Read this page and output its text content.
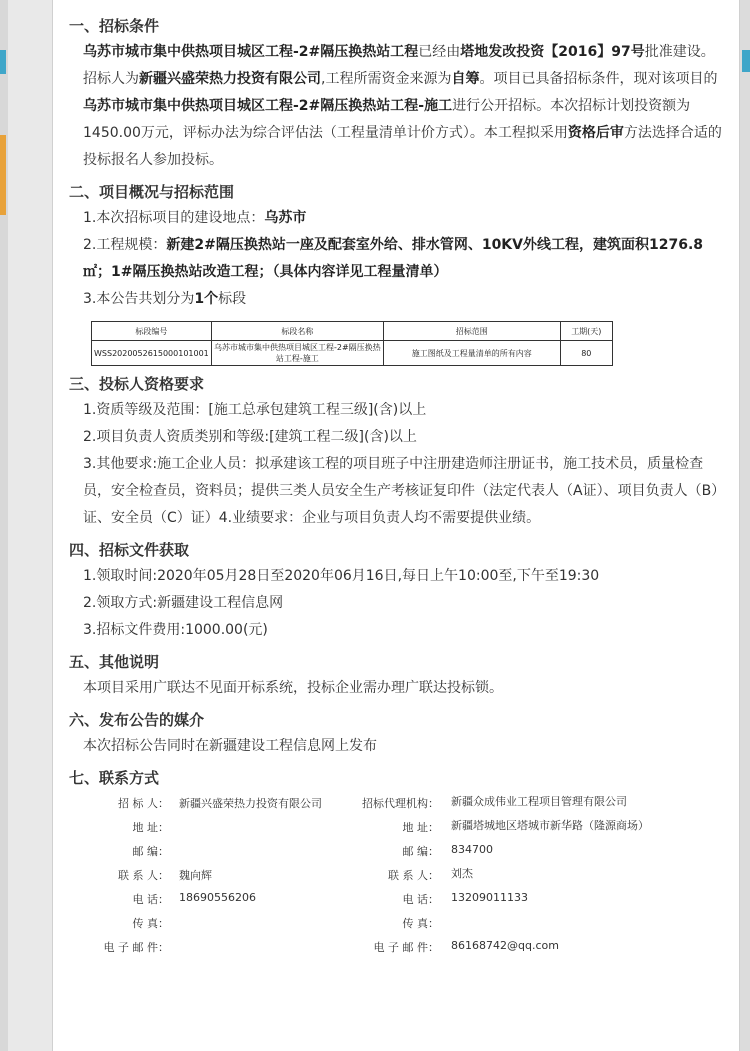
一、招标条件

乌苏市城市集中供热项目城区工程-2#隔压换热站工程已经由塔地发改投资【2016】97号批准建设。招标人为新疆兴盛荣热力投资有限公司,工程所需资金来源为自筹。项目已具备招标条件，现对该项目的乌苏市城市集中供热项目城区工程-2#隔压换热站工程-施工进行公开招标。本次招标计划投资额为1450.00万元，评标办法为综合评估法（工程量清单计价方式）。本工程拟采用资格后审方法选择合适的投标报名人参加投标。

二、项目概况与招标范围

1.本次招标项目的建设地点：乌苏市

2.工程规模：新建2#隔压换热站一座及配套室外给、排水管网、10KV外线工程，建筑面积1276.8㎡；1#隔压换热站改造工程；（具体内容详见工程量清单）

3.本公告共划分为1个标段

标段编号	标段名称	招标范围	工期(天)
WSS2020052615000101001	乌苏市城市集中供热项目城区工程-2#隔压换热站工程-施工	施工图纸及工程量清单的所有内容	80

三、投标人资格要求

1.资质等级及范围：[施工总承包建筑工程三级](含)以上

2.项目负责人资质类别和等级:[建筑工程二级](含)以上

3.其他要求:施工企业人员：拟承建该工程的项目班子中注册建造师注册证书，施工技术员，质量检查员，安全检查员，资料员；提供三类人员安全生产考核证复印件（法定代表人（A证）、项目负责人（B）证、安全员（C）证）4.业绩要求：企业与项目负责人均不需要提供业绩。

四、招标文件获取

1.领取时间:2020年05月28日至2020年06月16日,每日上午10:00至,下午至19:30

2.领取方式:新疆建设工程信息网

3.招标文件费用:1000.00(元)

五、其他说明

本项目采用广联达不见面开标系统，投标企业需办理广联达投标锁。

六、发布公告的媒介

本次招标公告同时在新疆建设工程信息网上发布

七、联系方式

招 标 人： 新疆兴盛荣热力投资有限公司	招标代理机构： 新疆众成伟业工程项目管理有限公司
地 址：	地 址： 新疆塔城地区塔城市新华路（隆源商场）
邮 编：	邮 编： 834700
联 系 人： 魏向辉	联 系 人： 刘杰
电 话： 18690556206	电 话： 13209011133
传 真：	传 真：
电 子 邮 件：	电 子 邮 件： 86168742@qq.com
